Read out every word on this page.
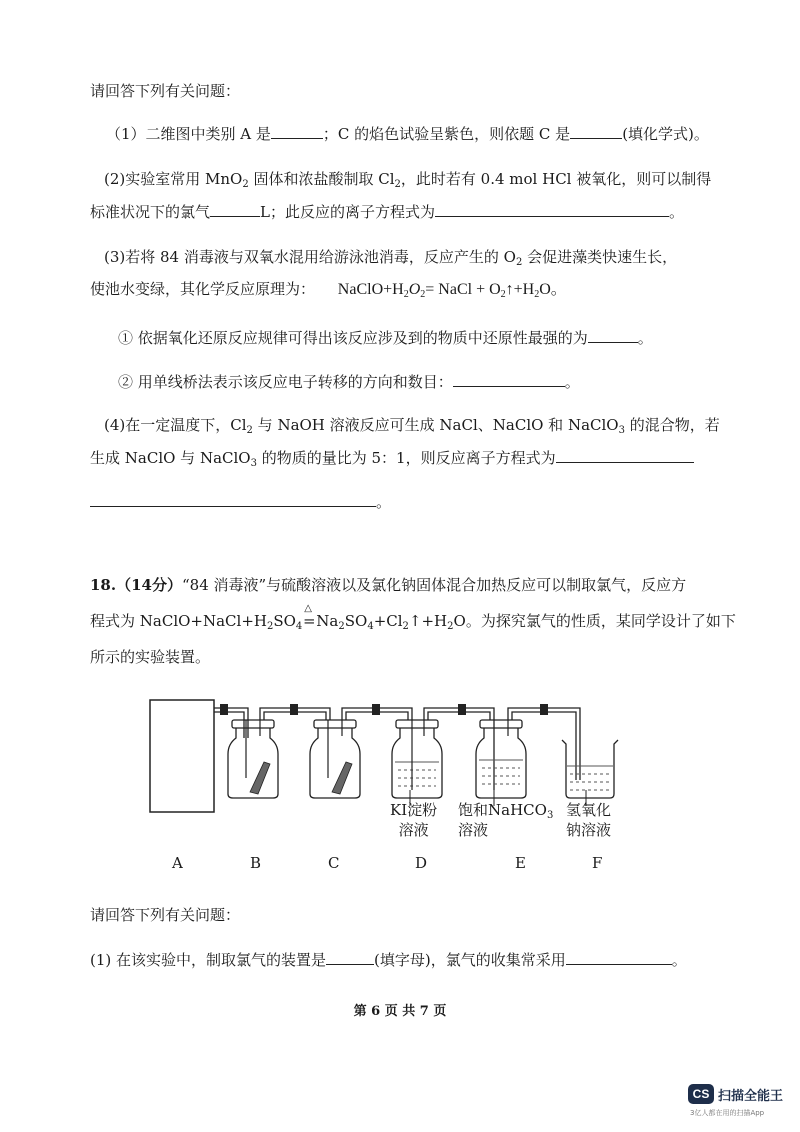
请回答下列有关问题：
（1）二维图中类别 A 是	；C 的焰色试验呈紫色，则依题 C 是	(填化学式)。
(2)实验室常用 MnO$_2$ 固体和浓盐酸制取 $Cl_2$，此时若有 0.4 mol HCl 被氧化，则可以制得
标准状况下的氯气	L；此反应的离子方程式为	。
(3)若将 84 消毒液与双氧水混用给游泳池消毒，反应产生的 $O_2$ 会促进藻类快速生长，
使池水变绿，其化学反应原理为： $NaClO+H_2O_2=$ NaCl + $O_2↑+H_2O$。
① 依据氧化还原反应规律可得出该反应涉及到的物质中还原性最强的为	。
② 用单线桥法表示该反应电子转移的方向和数目：	。
(4)在一定温度下，$Cl_2$ 与 NaOH 溶液反应可生成 NaCl、NaClO 和 NaClO$_3$ 的混合物，若
生成 NaClO 与 NaClO$_3$ 的物质的量比为 5：1，则反应离子方程式为
。
18.（14分）“84 消毒液”与硫酸溶液以及氯化钠固体混合加热反应可以制取氯气，反应方
程式为 $NaClO+NaCl+H_2SO_4$
△
$=Na_2SO_4+Cl_2↑+H_2O$。为探究氯气的性质，某同学设计了如下
所示的实验装置。
KI淀粉
溶液
饱和NaHCO$_3$
溶液
氢氧化
钠溶液
A	B	C	D	E	F
请回答下列有关问题：
(1) 在该实验中，制取氯气的装置是	(填字母)，氯气的收集常采用	。
第 6 页 共 7 页
CS 扫描全能王
3亿人都在用的扫描App
